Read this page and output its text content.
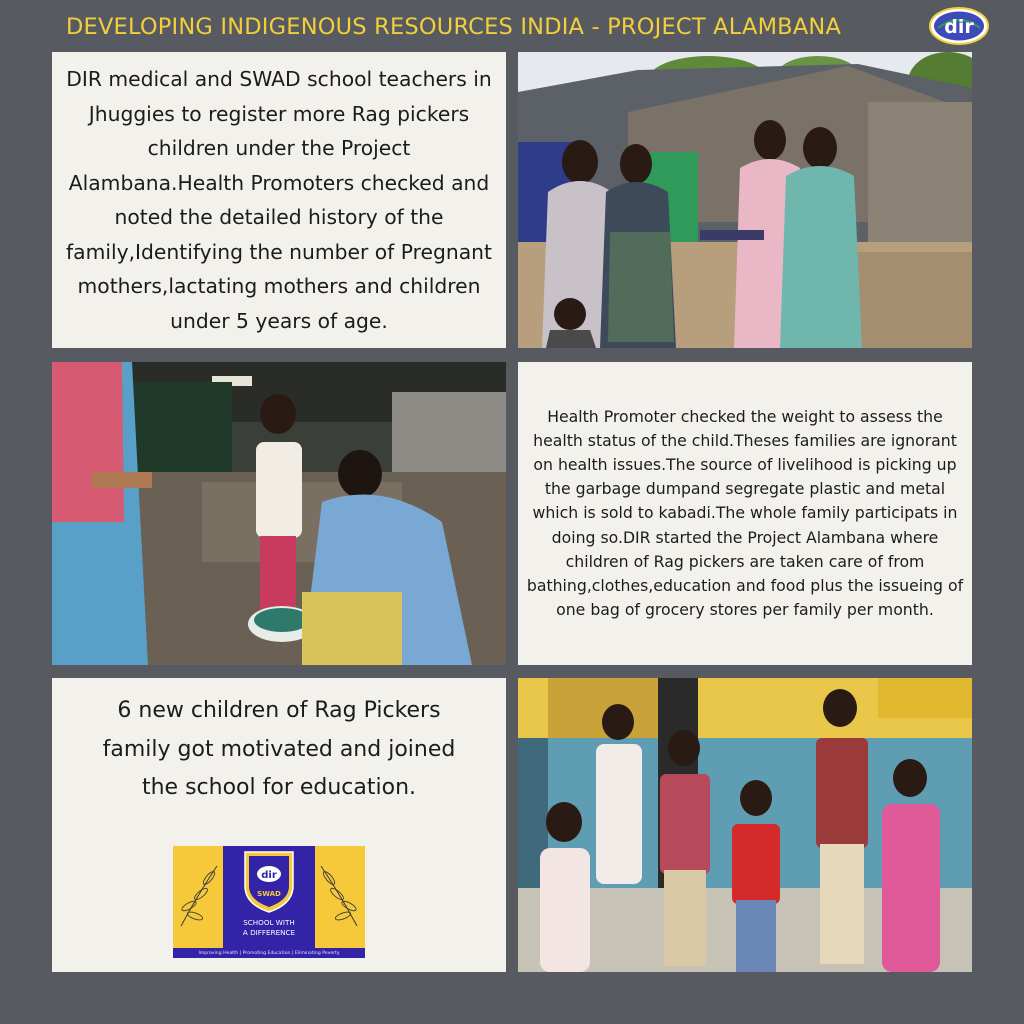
DEVELOPING INDIGENOUS RESOURCES INDIA - PROJECT ALAMBANA	dir
DIR medical and SWAD school teachers in Jhuggies to register more Rag pickers children under the Project Alambana.Health Promoters checked and noted the detailed history of the family,Identifying the number of Pregnant mothers,lactating mothers and children under 5 years of age.
Health Promoter checked the weight to assess the health status of the child.Theses families are ignorant on health issues.The source of livelihood is picking up the garbage dumpand segregate plastic and metal which is sold to kabadi.The whole family participats in doing so.DIR started the Project Alambana where children of Rag pickers are taken care of from bathing,clothes,education and food plus the issueing of one bag of grocery stores per family per month.
6 new children of Rag Pickers family got motivated and joined the school for education.
dir
SWAD
SCHOOL WITH
A DIFFERENCE
Improving Health | Promoting Education | Eliminating Poverty
